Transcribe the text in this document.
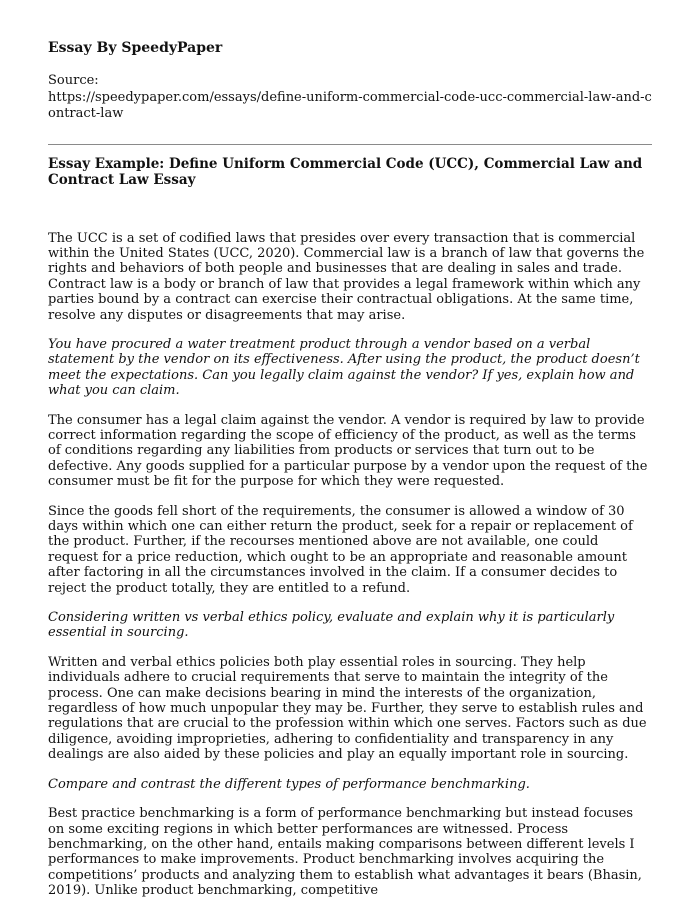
Essay By SpeedyPaper
Source:
https://speedypaper.com/essays/define-uniform-commercial-code-ucc-commercial-law-and-contract-law
Essay Example: Define Uniform Commercial Code (UCC), Commercial Law and Contract Law Essay

The UCC is a set of codified laws that presides over every transaction that is commercial within the United States (UCC, 2020). Commercial law is a branch of law that governs the rights and behaviors of both people and businesses that are dealing in sales and trade. Contract law is a body or branch of law that provides a legal framework within which any parties bound by a contract can exercise their contractual obligations. At the same time, resolve any disputes or disagreements that may arise.

You have procured a water treatment product through a vendor based on a verbal statement by the vendor on its effectiveness. After using the product, the product doesn’t meet the expectations. Can you legally claim against the vendor? If yes, explain how and what you can claim.

The consumer has a legal claim against the vendor. A vendor is required by law to provide correct information regarding the scope of efficiency of the product, as well as the terms of conditions regarding any liabilities from products or services that turn out to be defective. Any goods supplied for a particular purpose by a vendor upon the request of the consumer must be fit for the purpose for which they were requested.

Since the goods fell short of the requirements, the consumer is allowed a window of 30 days within which one can either return the product, seek for a repair or replacement of the product. Further, if the recourses mentioned above are not available, one could request for a price reduction, which ought to be an appropriate and reasonable amount after factoring in all the circumstances involved in the claim. If a consumer decides to reject the product totally, they are entitled to a refund.

Considering written vs verbal ethics policy, evaluate and explain why it is particularly essential in sourcing.

Written and verbal ethics policies both play essential roles in sourcing. They help individuals adhere to crucial requirements that serve to maintain the integrity of the process. One can make decisions bearing in mind the interests of the organization, regardless of how much unpopular they may be. Further, they serve to establish rules and regulations that are crucial to the profession within which one serves. Factors such as due diligence, avoiding improprieties, adhering to confidentiality and transparency in any dealings are also aided by these policies and play an equally important role in sourcing.

Compare and contrast the different types of performance benchmarking.

Best practice benchmarking is a form of performance benchmarking but instead focuses on some exciting regions in which better performances are witnessed. Process benchmarking, on the other hand, entails making comparisons between different levels I performances to make improvements. Product benchmarking involves acquiring the competitions’ products and analyzing them to establish what advantages it bears (Bhasin, 2019). Unlike product benchmarking, competitive
